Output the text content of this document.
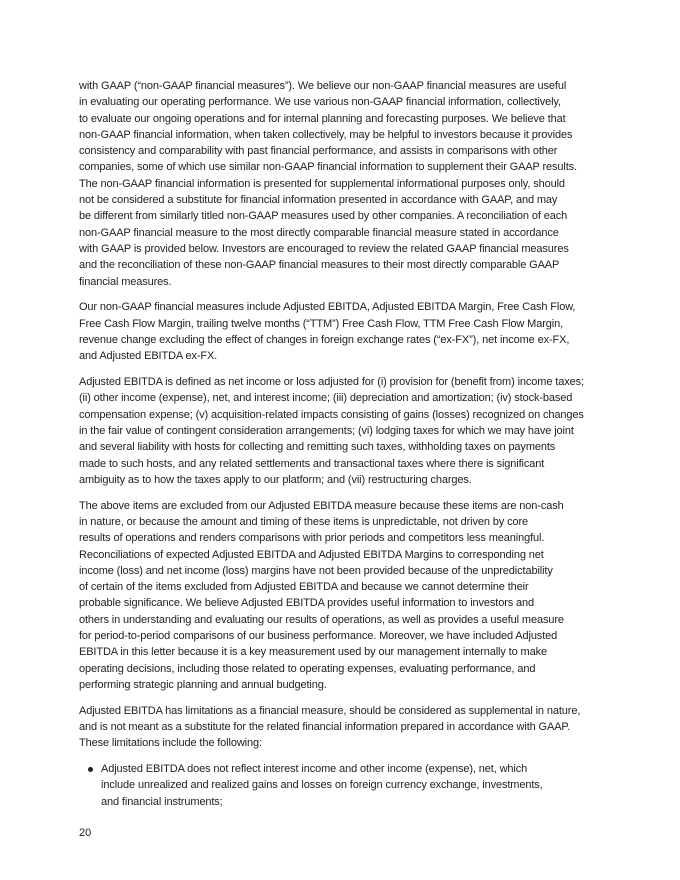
with GAAP (“non-GAAP financial measures”). We believe our non-GAAP financial measures are useful
in evaluating our operating performance. We use various non-GAAP financial information, collectively,
to evaluate our ongoing operations and for internal planning and forecasting purposes. We believe that
non-GAAP financial information, when taken collectively, may be helpful to investors because it provides
consistency and comparability with past financial performance, and assists in comparisons with other
companies, some of which use similar non-GAAP financial information to supplement their GAAP results.
The non-GAAP financial information is presented for supplemental informational purposes only, should
not be considered a substitute for financial information presented in accordance with GAAP, and may
be different from similarly titled non-GAAP measures used by other companies. A reconciliation of each
non-GAAP financial measure to the most directly comparable financial measure stated in accordance
with GAAP is provided below. Investors are encouraged to review the related GAAP financial measures
and the reconciliation of these non-GAAP financial measures to their most directly comparable GAAP
financial measures.

Our non-GAAP financial measures include Adjusted EBITDA, Adjusted EBITDA Margin, Free Cash Flow,
Free Cash Flow Margin, trailing twelve months (“TTM”) Free Cash Flow, TTM Free Cash Flow Margin,
revenue change excluding the effect of changes in foreign exchange rates (“ex-FX”), net income ex-FX,
and Adjusted EBITDA ex-FX.

Adjusted EBITDA is defined as net income or loss adjusted for (i) provision for (benefit from) income taxes;
(ii) other income (expense), net, and interest income; (iii) depreciation and amortization; (iv) stock-based
compensation expense; (v) acquisition-related impacts consisting of gains (losses) recognized on changes
in the fair value of contingent consideration arrangements; (vi) lodging taxes for which we may have joint
and several liability with hosts for collecting and remitting such taxes, withholding taxes on payments
made to such hosts, and any related settlements and transactional taxes where there is significant
ambiguity as to how the taxes apply to our platform; and (vii) restructuring charges.

The above items are excluded from our Adjusted EBITDA measure because these items are non-cash
in nature, or because the amount and timing of these items is unpredictable, not driven by core
results of operations and renders comparisons with prior periods and competitors less meaningful.
Reconciliations of expected Adjusted EBITDA and Adjusted EBITDA Margins to corresponding net
income (loss) and net income (loss) margins have not been provided because of the unpredictability
of certain of the items excluded from Adjusted EBITDA and because we cannot determine their
probable significance. We believe Adjusted EBITDA provides useful information to investors and
others in understanding and evaluating our results of operations, as well as provides a useful measure
for period-to-period comparisons of our business performance. Moreover, we have included Adjusted
EBITDA in this letter because it is a key measurement used by our management internally to make
operating decisions, including those related to operating expenses, evaluating performance, and
performing strategic planning and annual budgeting.

Adjusted EBITDA has limitations as a financial measure, should be considered as supplemental in nature,
and is not meant as a substitute for the related financial information prepared in accordance with GAAP.
These limitations include the following:

Adjusted EBITDA does not reflect interest income and other income (expense), net, which
include unrealized and realized gains and losses on foreign currency exchange, investments,
and financial instruments;
20
